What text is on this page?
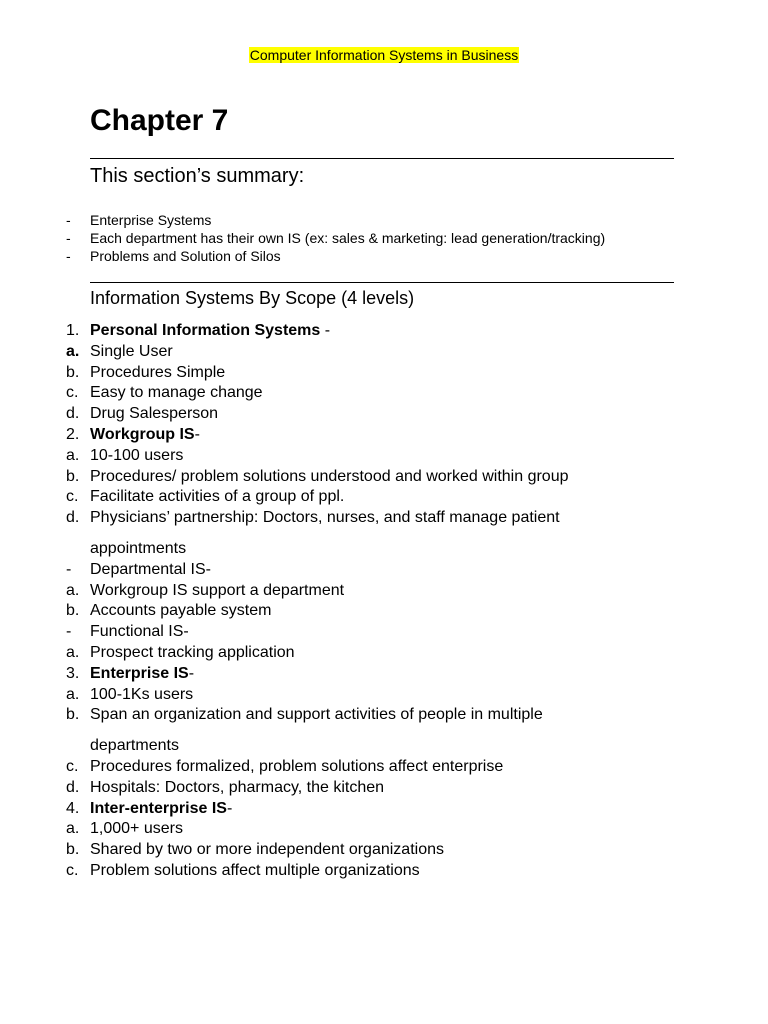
Computer Information Systems in Business
Chapter 7
This section’s summary:
- Enterprise Systems
- Each department has their own IS (ex: sales & marketing: lead generation/tracking)
- Problems and Solution of Silos
Information Systems By Scope (4 levels)
1. Personal Information Systems -
a. Single User
b. Procedures Simple
c. Easy to manage change
d. Drug Salesperson
2. Workgroup IS-
a. 10-100 users
b. Procedures/ problem solutions understood and worked within group
c. Facilitate activities of a group of ppl.
d. Physicians’ partnership: Doctors, nurses, and staff manage patient
appointments
- Departmental IS-
a. Workgroup IS support a department
b. Accounts payable system
- Functional IS-
a. Prospect tracking application
3. Enterprise IS-
a. 100-1Ks users
b. Span an organization and support activities of people in multiple
departments
c. Procedures formalized, problem solutions affect enterprise
d. Hospitals: Doctors, pharmacy, the kitchen
4. Inter-enterprise IS-
a. 1,000+ users
b. Shared by two or more independent organizations
c. Problem solutions affect multiple organizations
